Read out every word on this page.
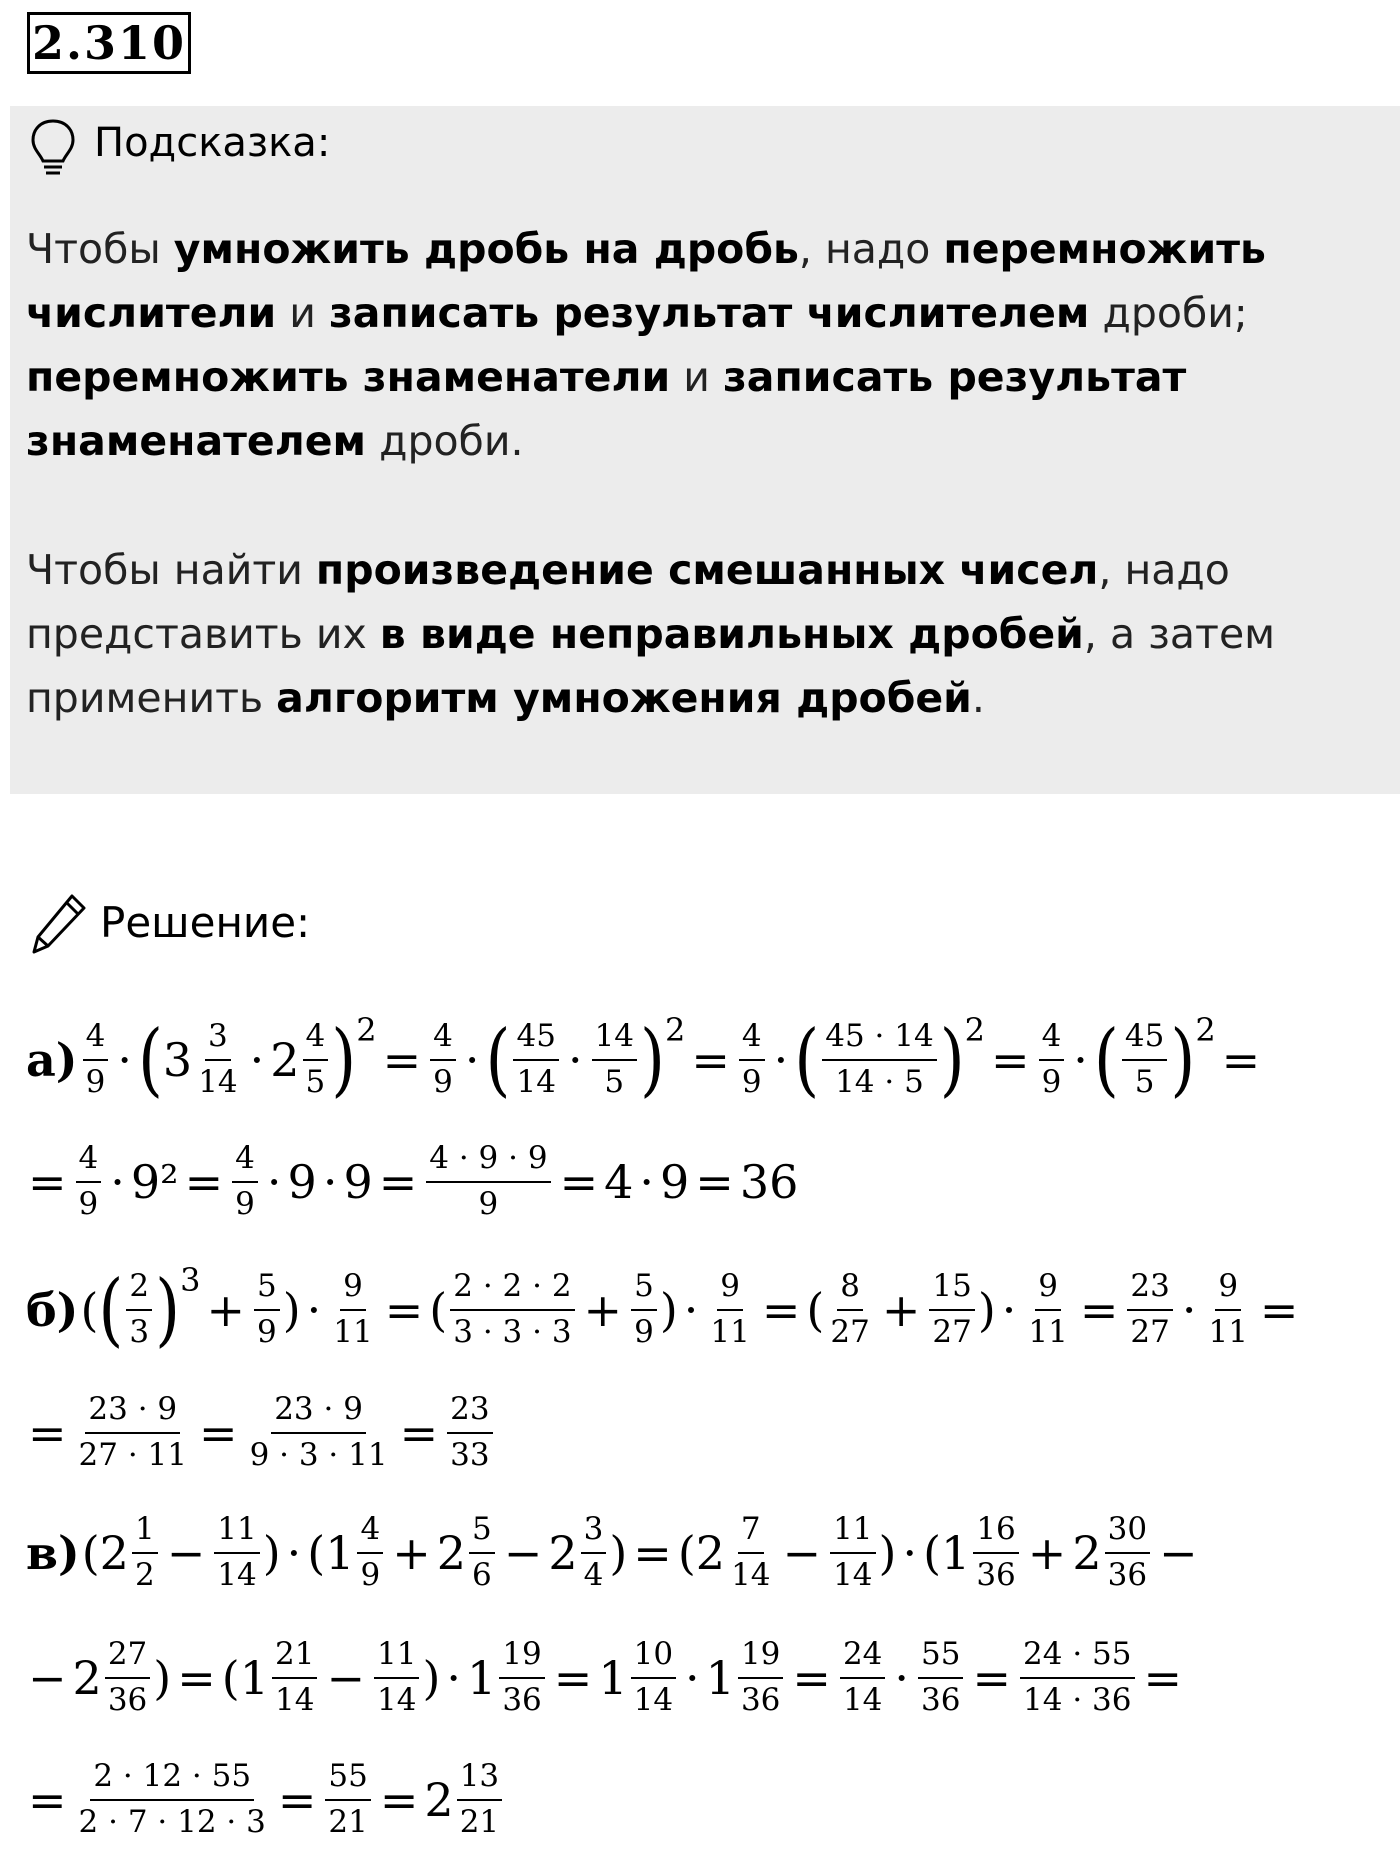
2.310
Подсказка:
Чтобы умножить дробь на дробь, надо перемножить числители и записать результат числителем дроби; перемножить знаменатели и записать результат знаменателем дроби.
Чтобы найти произведение смешанных чисел, надо представить их в виде неправильных дробей, а затем применить алгоритм умножения дробей.
Решение:
$а) \frac{4}{9}$ · ( $3 \frac{3}{14} \cdot 2 \frac{4}{5}$ ) 2
= $\frac{4}{9}$ · ( $\frac{45}{14} \cdot \frac{14}{5}$ ) 2
= $\frac{4}{9}$ · ( $\frac{45 \cdot 14}{14 \cdot 5}$ ) 2
= $\frac{4}{9}$ · ( $\frac{45}{5}$ ) 2
=
= $\frac{4}{9} \cdot 9^2 = \frac{4}{9} \cdot 9 \cdot 9 = \frac{4 \cdot 9 \cdot 9}{9} = 4 \cdot 9 = 36$
б) ( ( $\frac{2}{3}$ ) 3
+ $\frac{5}{9}$ ) · $\frac{9}{11}$ = ( $\frac{2 \cdot 2 \cdot 2}{3 \cdot 3 \cdot 3} + \frac{5}{9}$ ) · $\frac{9}{11}$ = ( $\frac{8}{27} + \frac{15}{27}$ ) · $\frac{9}{11} = \frac{23}{27} \cdot \frac{9}{11}$ =
= $\frac{23 \cdot 9}{27 \cdot 11} = \frac{23 \cdot 9}{9 \cdot 3 \cdot 11} = \frac{23}{33}$
в) ($2 \frac{1}{2} - \frac{11}{14}$ ) · ($1 \frac{4}{9} + 2 \frac{5}{6} - 2 \frac{3}{4}$ ) = ($2 \frac{7}{14} - \frac{11}{14}$ ) · ($1 \frac{16}{36} + 2 \frac{30}{36}$ −
− $2 \frac{27}{36}$ ) = ($1 \frac{21}{14} - \frac{11}{14}$ ) · $1 \frac{19}{36} = 1 \frac{10}{14} \cdot 1 \frac{19}{36} = \frac{24}{14} \cdot \frac{55}{36} = \frac{24 \cdot 55}{14 \cdot 36}$ =
= $\frac{2 \cdot 12 \cdot 55}{2 \cdot 7 \cdot 12 \cdot 3} = \frac{55}{21} = 2 \frac{13}{21}$
